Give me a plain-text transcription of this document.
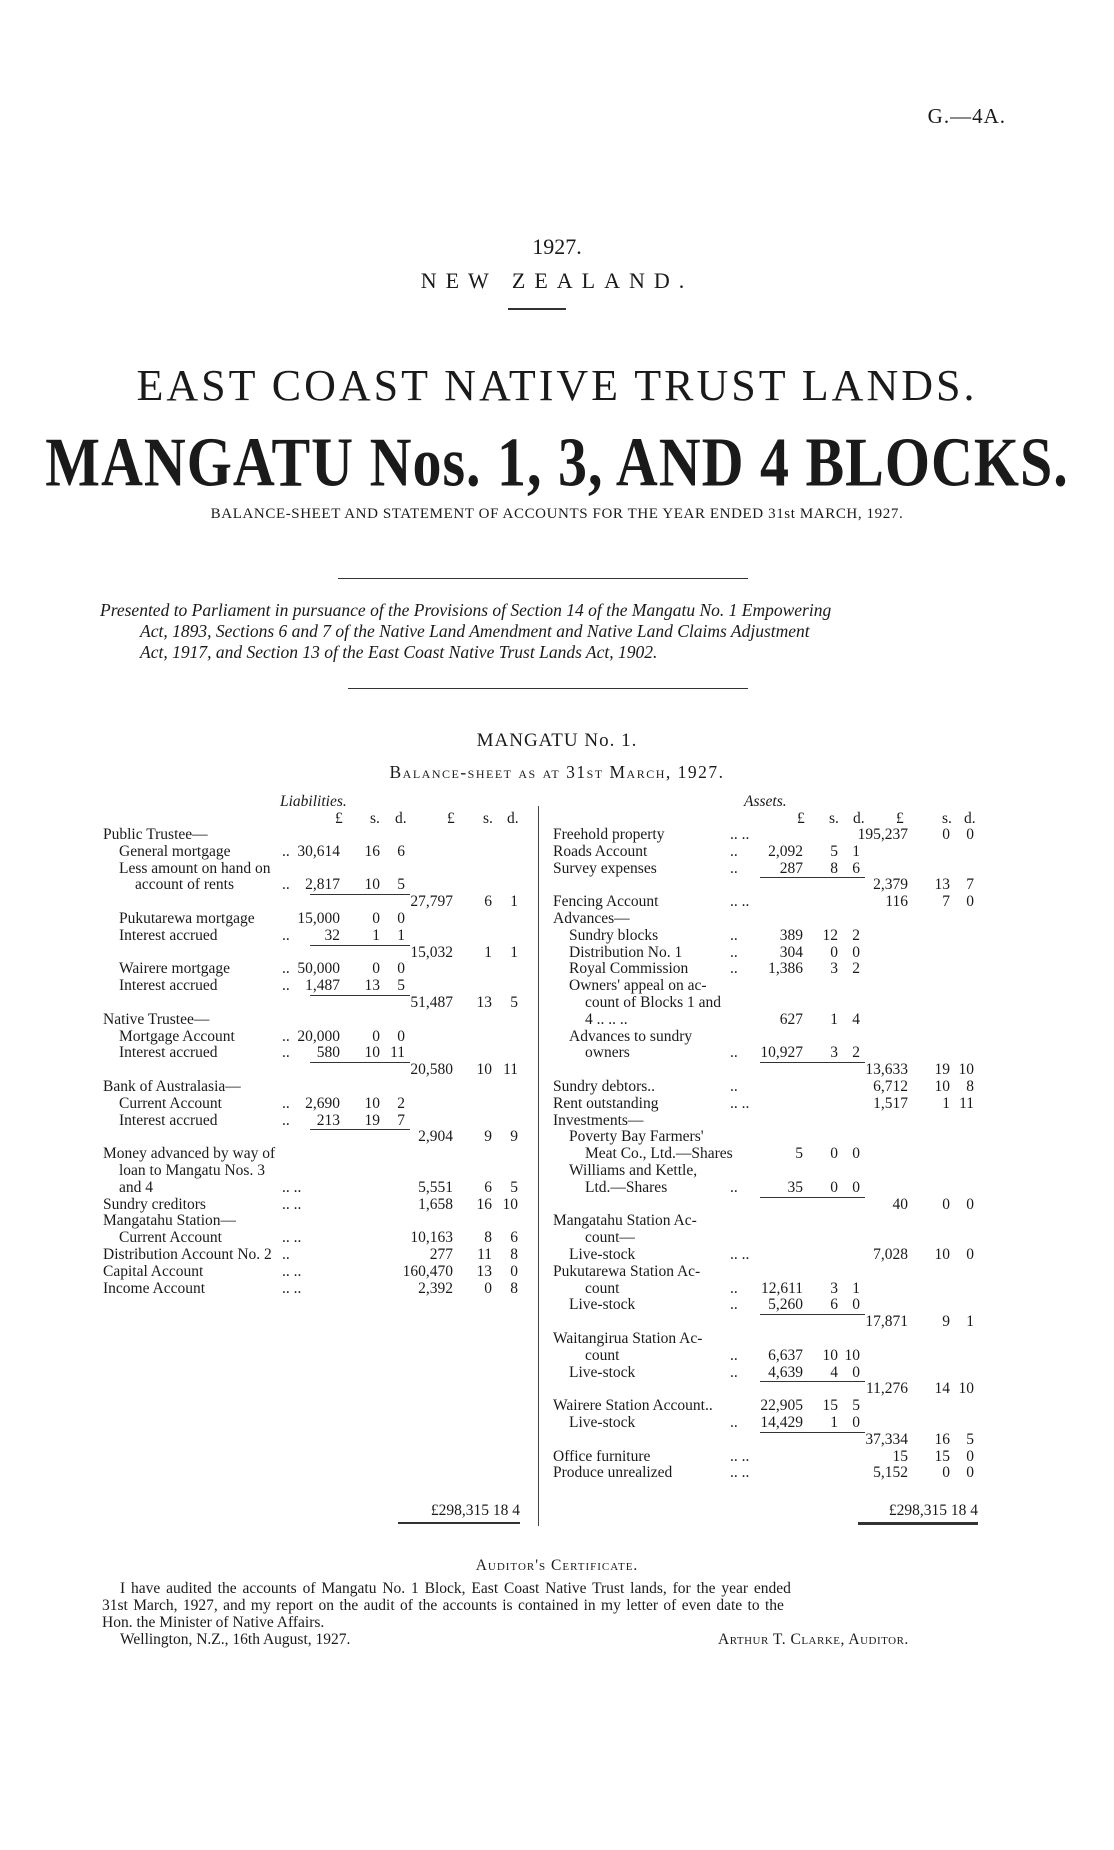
G.—4A.
1927.
NEW ZEALAND.
EAST COAST NATIVE TRUST LANDS.
MANGATU Nos. 1, 3, AND 4 BLOCKS.
BALANCE-SHEET AND STATEMENT OF ACCOUNTS FOR THE YEAR ENDED 31st MARCH, 1927.
Presented to Parliament in pursuance of the Provisions of Section 14 of the Mangatu No. 1 Empowering
Act, 1893, Sections 6 and 7 of the Native Land Amendment and Native Land Claims Adjustment
Act, 1917, and Section 13 of the East Coast Native Trust Lands Act, 1902.
MANGATU No. 1.
Balance-sheet as at 31st March, 1927.
Liabilities.
£ s. d.	£ s. d.
Public Trustee—
General mortgage	.. 30,614	16	6
Less amount on hand on
account of rents	.. 2,817	10	5
27,797	6	1
Pukutarewa mortgage	15,000	0	0
Interest accrued	..	32	1	1
15,032	1	1
Wairere mortgage	.. 50,000	0	0
Interest accrued	.. 1,487	13	5
51,487	13	5
Native Trustee—
Mortgage Account	.. 20,000	0	0
Interest accrued	..	580	10 11
20,580	10 11
Bank of Australasia—
Current Account	.. 2,690	10	2
Interest accrued	..	213	19	7
2,904	9	9
Money advanced by way of
loan to Mangatu Nos. 3
and 4	.. ..	5,551	6	5
Sundry creditors	.. ..	1,658	16 10
Mangatahu Station—
Current Account	.. ..	10,163	8	6
Distribution Account No. 2 ..	277	11	8
Capital Account	.. ..	160,470	13	0
Income Account	.. ..	2,392	0	8
£298,315 18 4
Assets.
£ s. d. £ s. d.
Freehold property	.. ..	195,237	0	0
Roads Account	..	2,092	5 1
Survey expenses	..	287	8 6
2,379	13	7
Fencing Account	.. ..	116	7	0
Advances—
Sundry blocks	..	389	12 2
Distribution No. 1	..	304	0 0
Royal Commission	..	1,386	3 2
Owners' appeal on ac-
count of Blocks 1 and
4 .. .. ..	627	1 4
Advances to sundry
owners	..	10,927	3 2
13,633	19 10
Sundry debtors..	..	6,712	10	8
Rent outstanding	.. ..	1,517	1 11
Investments—
Poverty Bay Farmers'
Meat Co., Ltd.—Shares	5	0 0
Williams and Kettle,
Ltd.—Shares	..	35	0 0
40	0	0
Mangatahu Station Ac-
count—
Live-stock	.. ..	7,028	10	0
Pukutarewa Station Ac-
count	..	12,611	3 1
Live-stock	..	5,260	6 0
17,871	9	1
Waitangirua Station Ac-
count	..	6,637	10 10
Live-stock	..	4,639	4 0
11,276	14 10
Wairere Station Account..	22,905	15 5
Live-stock	..	14,429	1 0
37,334	16	5
Office furniture	.. ..	15	15	0
Produce unrealized	.. ..	5,152	0	0
£298,315 18 4
Auditor's Certificate.
I have audited the accounts of Mangatu No. 1 Block, East Coast Native Trust lands, for the year ended
31st March, 1927, and my report on the audit of the accounts is contained in my letter of even date to the
Hon. the Minister of Native Affairs.
Wellington, N.Z., 16th August, 1927.	Arthur T. Clarke, Auditor.
